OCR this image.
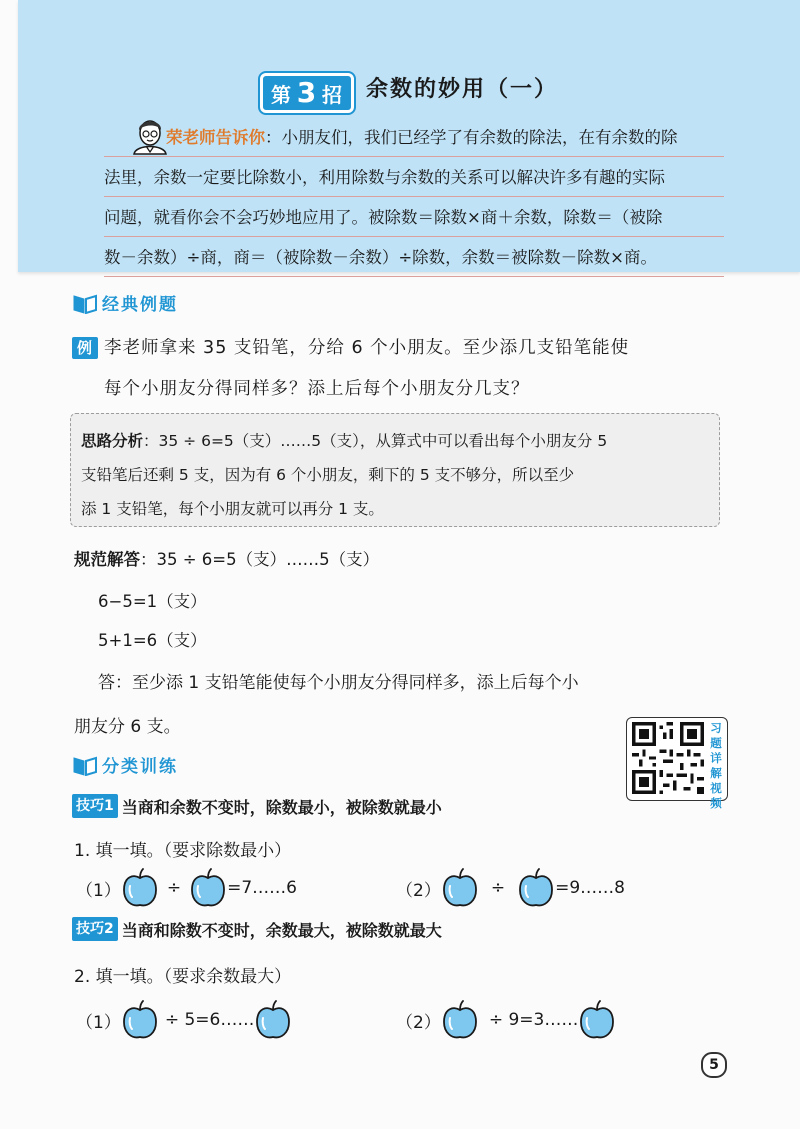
第 3 招 余数的妙用（一）
荣老师告诉你：小朋友们，我们已经学了有余数的除法，在有余数的除
法里，余数一定要比除数小，利用除数与余数的关系可以解决许多有趣的实际
问题，就看你会不会巧妙地应用了。被除数＝除数×商＋余数，除数＝（被除
数－余数）÷商，商＝（被除数－余数）÷除数，余数＝被除数－除数×商。
经典例题
例 李老师拿来 35 支铅笔，分给 6 个小朋友。至少添几支铅笔能使
每个小朋友分得同样多？添上后每个小朋友分几支？
思路分析：35 ÷ 6=5（支）……5（支），从算式中可以看出每个小朋友分 5
支铅笔后还剩 5 支，因为有 6 个小朋友，剩下的 5 支不够分，所以至少
添 1 支铅笔，每个小朋友就可以再分 1 支。
规范解答：35 ÷ 6=5（支）……5（支）
6−5=1（支）
5+1=6（支）
答：至少添 1 支铅笔能使每个小朋友分得同样多，添上后每个小
朋友分 6 支。	习题详解视频
分类训练
技巧1 当商和余数不变时，除数最小，被除数就最小
1. 填一填。（要求除数最小）
（1）	÷	=7……6	（2）	÷	=9……8
技巧2 当商和除数不变时，余数最大，被除数就最大
2. 填一填。（要求余数最大）
（1）	÷ 5=6……	（2）	÷ 9=3……
5
